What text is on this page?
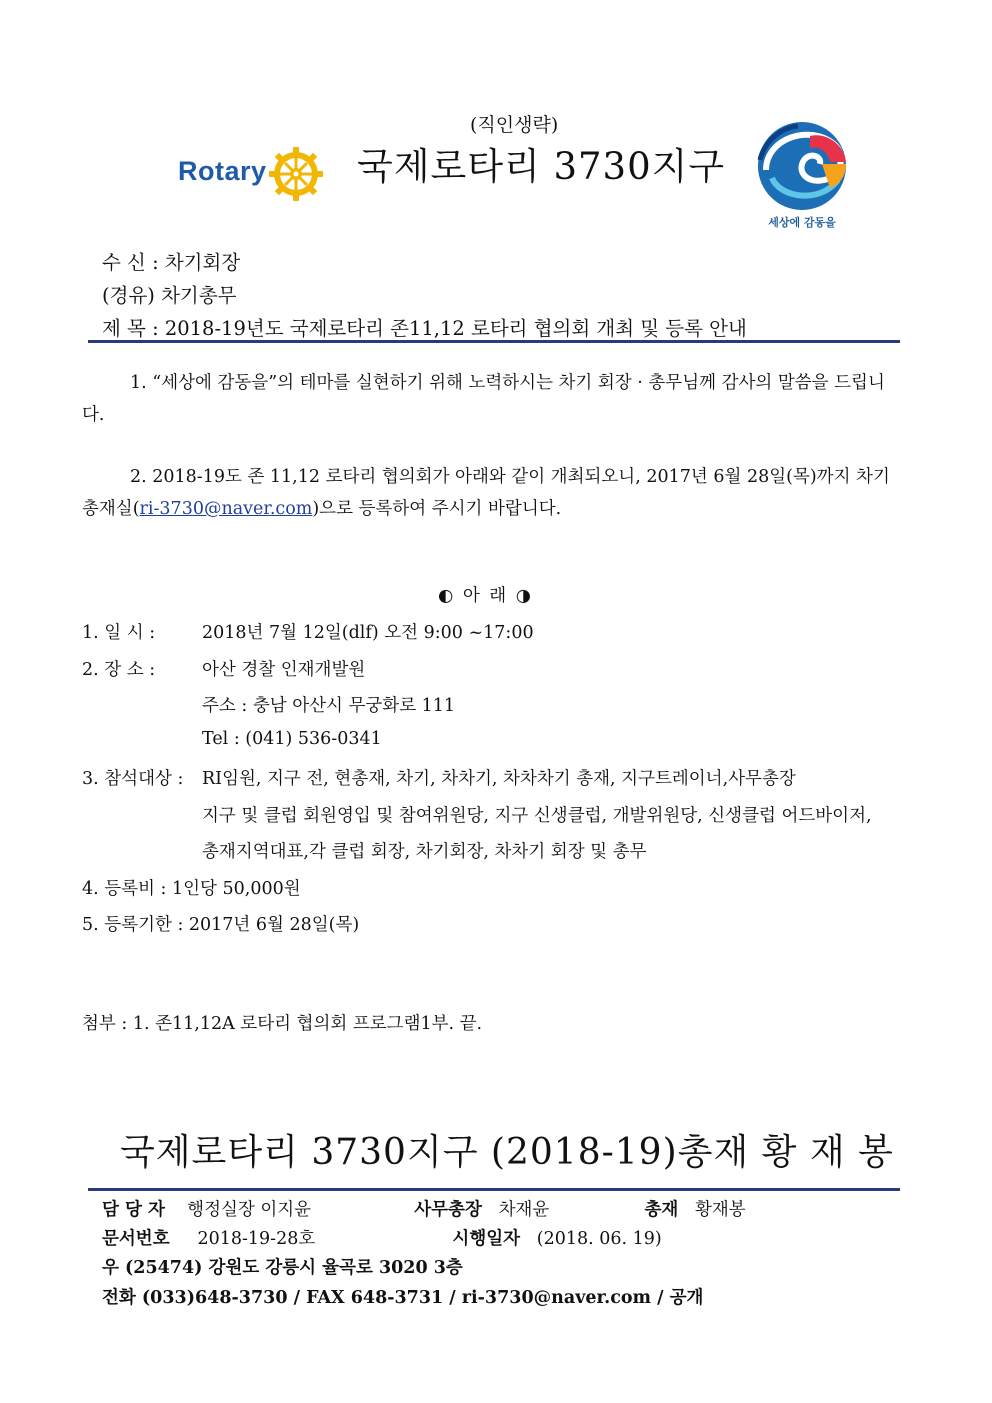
Rotary
(직인생략)
국제로타리 3730지구
세상에 감동을
수 신 : 차기회장
(경유) 차기총무
제 목 : 2018-19년도 국제로타리 존11,12 로타리 협의회 개최 및 등록 안내
1. “세상에 감동을”의 테마를 실현하기 위해 노력하시는 차기 회장 · 총무님께 감사의 말씀을 드립니다.
2. 2018-19도 존 11,12 로타리 협의회가 아래와 같이 개최되오니, 2017년 6월 28일(목)까지 차기총재실(ri-3730@naver.com)으로 등록하여 주시기 바랍니다.
◐ 아 래 ◑
1. 일 시 :	2018년 7월 12일(dlf) 오전 9:00 ~17:00
2. 장 소 :	아산 경찰 인재개발원
주소 : 충남 아산시 무궁화로 111
Tel : (041) 536-0341
3. 참석대상 : RI임원, 지구 전, 현총재, 차기, 차차기, 차차차기 총재, 지구트레이너,사무총장
지구 및 클럽 회원영입 및 참여위원당, 지구 신생클럽, 개발위원당, 신생클럽 어드바이저,
총재지역대표,각 클럽 회장, 차기회장, 차차기 회장 및 총무
4. 등록비 : 1인당 50,000원
5. 등록기한 : 2017년 6월 28일(목)
첨부 : 1. 존11,12A 로타리 협의회 프로그램1부. 끝.
국제로타리 3730지구 (2018-19)총재 황 재 봉
담 당 자 행정실장 이지윤	사무총장 차재윤	총재 황재봉
문서번호 2018-19-28호	시행일자 (2018. 06. 19)
우 (25474) 강원도 강릉시 율곡로 3020 3층
전화 (033)648-3730 / FAX 648-3731 / ri-3730@naver.com / 공개
